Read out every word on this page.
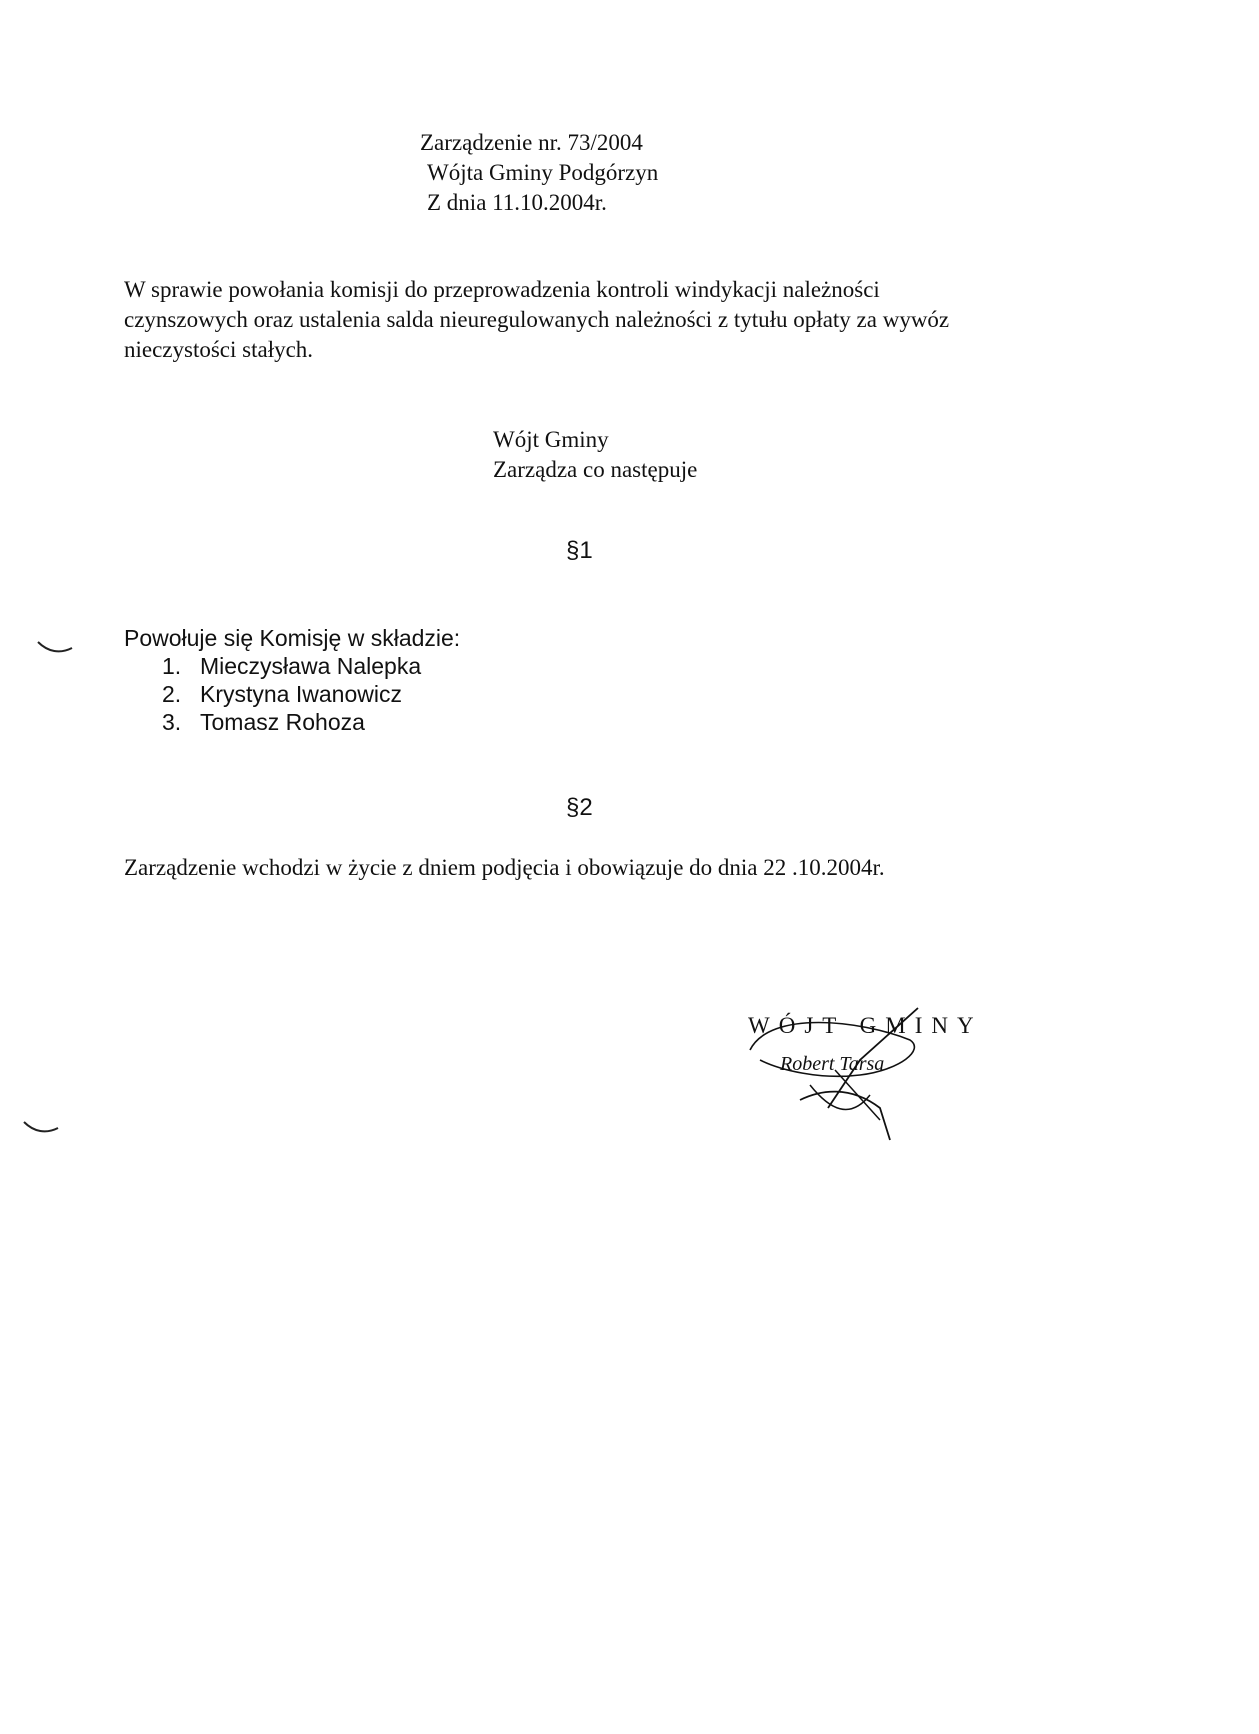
Zarządzenie nr. 73/2004
Wójta Gminy Podgórzyn
Z dnia 11.10.2004r.
W sprawie powołania komisji do przeprowadzenia kontroli windykacji należności
czynszowych oraz ustalenia salda nieuregulowanych należności z tytułu opłaty za wywóz
nieczystości stałych.
Wójt Gminy
Zarządza co następuje
§1
Powołuje się Komisję w składzie:
1. Mieczysława Nalepka
2. Krystyna Iwanowicz
3. Tomasz Rohoza
§2
Zarządzenie wchodzi w życie z dniem podjęcia i obowiązuje do dnia 22 .10.2004r.
WÓJT GMINY
Robert Tarsa
